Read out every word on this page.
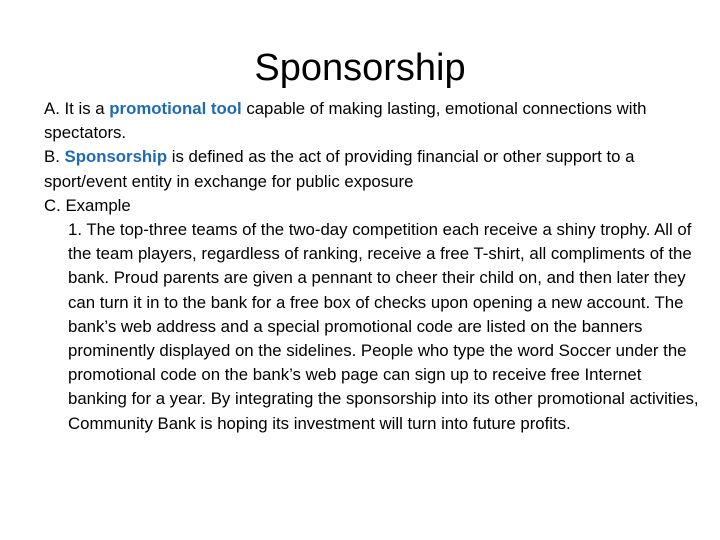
Sponsorship

A. It is a promotional tool capable of making lasting, emotional connections with spectators.

B. Sponsorship is defined as the act of providing financial or other support to a sport/event entity in exchange for public exposure

C. Example

1. The top-three teams of the two-day competition each receive a shiny trophy. All of the team players, regardless of ranking, receive a free T-shirt, all compliments of the bank. Proud parents are given a pennant to cheer their child on, and then later they can turn it in to the bank for a free box of checks upon opening a new account. The bank’s web address and a special promotional code are listed on the banners prominently displayed on the sidelines. People who type the word Soccer under the promotional code on the bank’s web page can sign up to receive free Internet banking for a year. By integrating the sponsorship into its other promotional activities, Community Bank is hoping its investment will turn into future profits.
